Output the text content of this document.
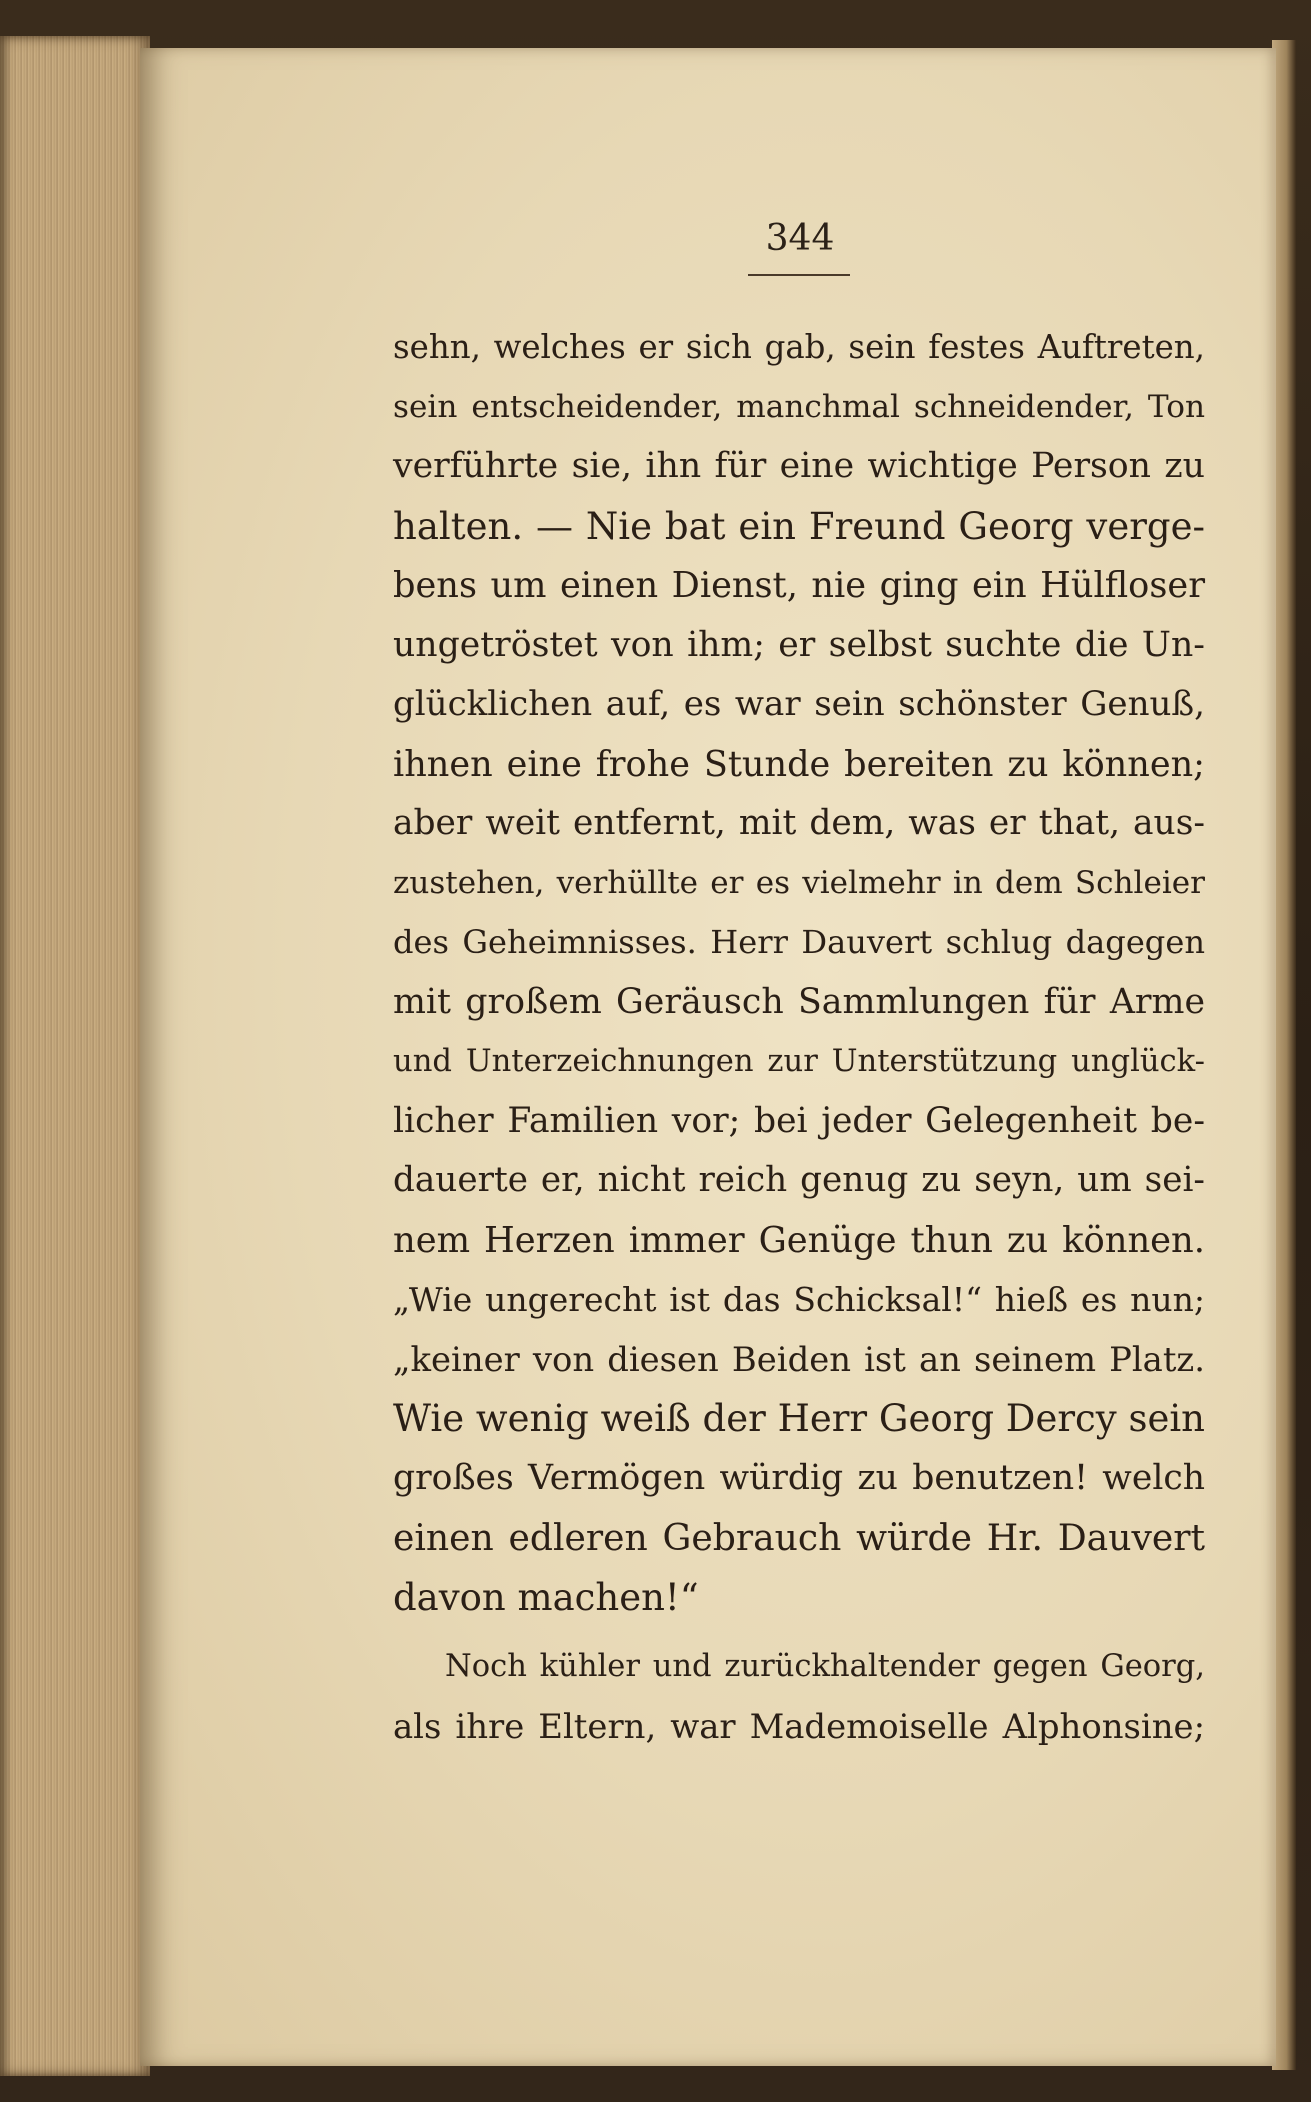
344
sehn, welches er sich gab, sein festes Auftreten,
sein entscheidender, manchmal schneidender, Ton
verführte sie, ihn für eine wichtige Person zu
halten. — Nie bat ein Freund Georg verge-
bens um einen Dienst, nie ging ein Hülfloser
ungetröstet von ihm; er selbst suchte die Un-
glücklichen auf, es war sein schönster Genuß,
ihnen eine frohe Stunde bereiten zu können;
aber weit entfernt, mit dem, was er that, aus-
zustehen, verhüllte er es vielmehr in dem Schleier
des Geheimnisses. Herr Dauvert schlug dagegen
mit großem Geräusch Sammlungen für Arme
und Unterzeichnungen zur Unterstützung unglück-
licher Familien vor; bei jeder Gelegenheit be-
dauerte er, nicht reich genug zu seyn, um sei-
nem Herzen immer Genüge thun zu können.
„Wie ungerecht ist das Schicksal!“ hieß es nun;
„keiner von diesen Beiden ist an seinem Platz.
Wie wenig weiß der Herr Georg Dercy sein
großes Vermögen würdig zu benutzen! welch
einen edleren Gebrauch würde Hr. Dauvert
davon machen!“
Noch kühler und zurückhaltender gegen Georg,
als ihre Eltern, war Mademoiselle Alphonsine;
